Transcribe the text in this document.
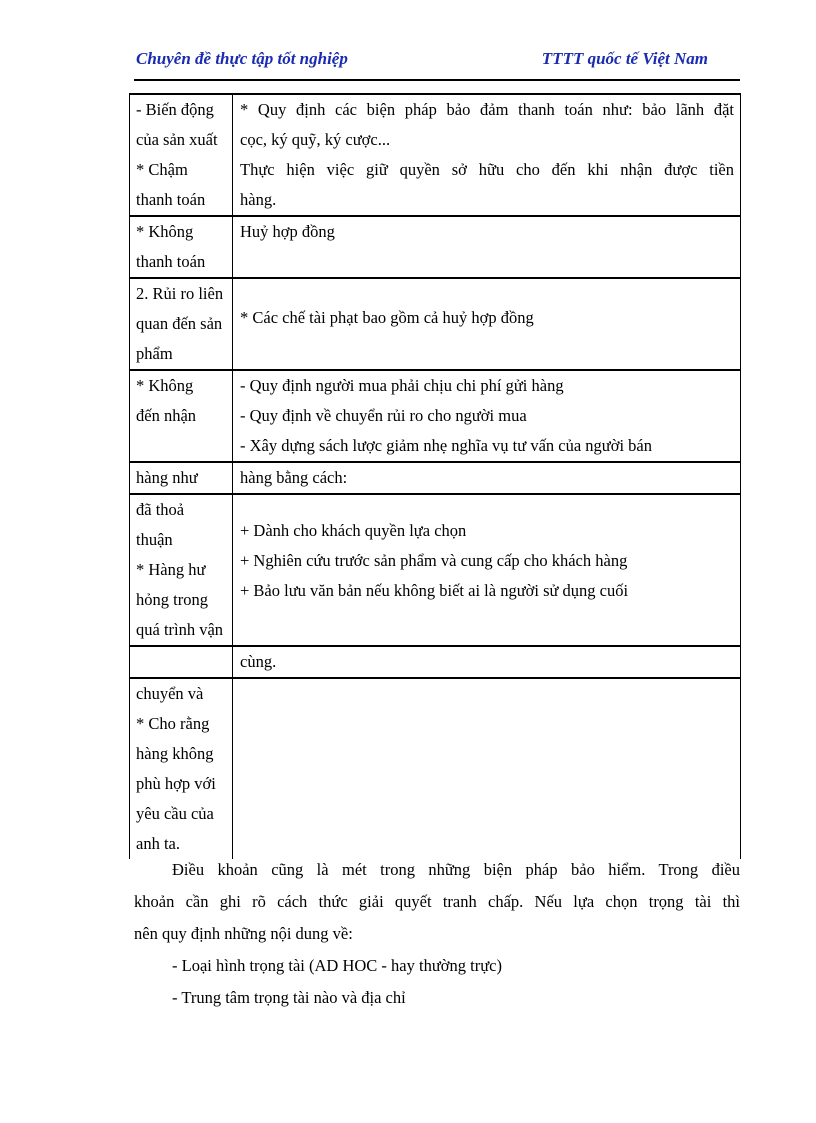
Chuyên đề thực tập tốt nghiệp	TTTT quốc tế Việt Nam
- Biến động
của sản xuất
* Chậm
thanh toán
* Quy định các biện pháp bảo đảm thanh toán như: bảo lãnh đặt
cọc, ký quỹ, ký cược...
Thực hiện việc giữ quyền sở hữu cho đến khi nhận được tiền
hàng.
* Không
thanh toán
Huỷ hợp đồng
2. Rủi ro liên
quan đến sản
phẩm
* Các chế tài phạt bao gồm cả huỷ hợp đồng
* Không
đến nhận
- Quy định người mua phải chịu chi phí gửi hàng
- Quy định về chuyển rủi ro cho người mua
- Xây dựng sách lược giảm nhẹ nghĩa vụ tư vấn của người bán
hàng như	hàng bằng cách:
đã thoả
thuận
* Hàng hư
hỏng trong
quá trình vận
+ Dành cho khách quyền lựa chọn
+ Nghiên cứu trước sản phẩm và cung cấp cho khách hàng
+ Bảo lưu văn bản nếu không biết ai là người sử dụng cuối
cùng.
chuyển và
* Cho rằng
hàng không
phù hợp với
yêu cầu của
anh ta.
Điều khoản cũng là mét trong những biện pháp bảo hiểm. Trong điều
khoản cần ghi rõ cách thức giải quyết tranh chấp. Nếu lựa chọn trọng tài thì
nên quy định những nội dung về:
- Loại hình trọng tài (AD HOC - hay thường trực)
- Trung tâm trọng tài nào và địa chỉ
